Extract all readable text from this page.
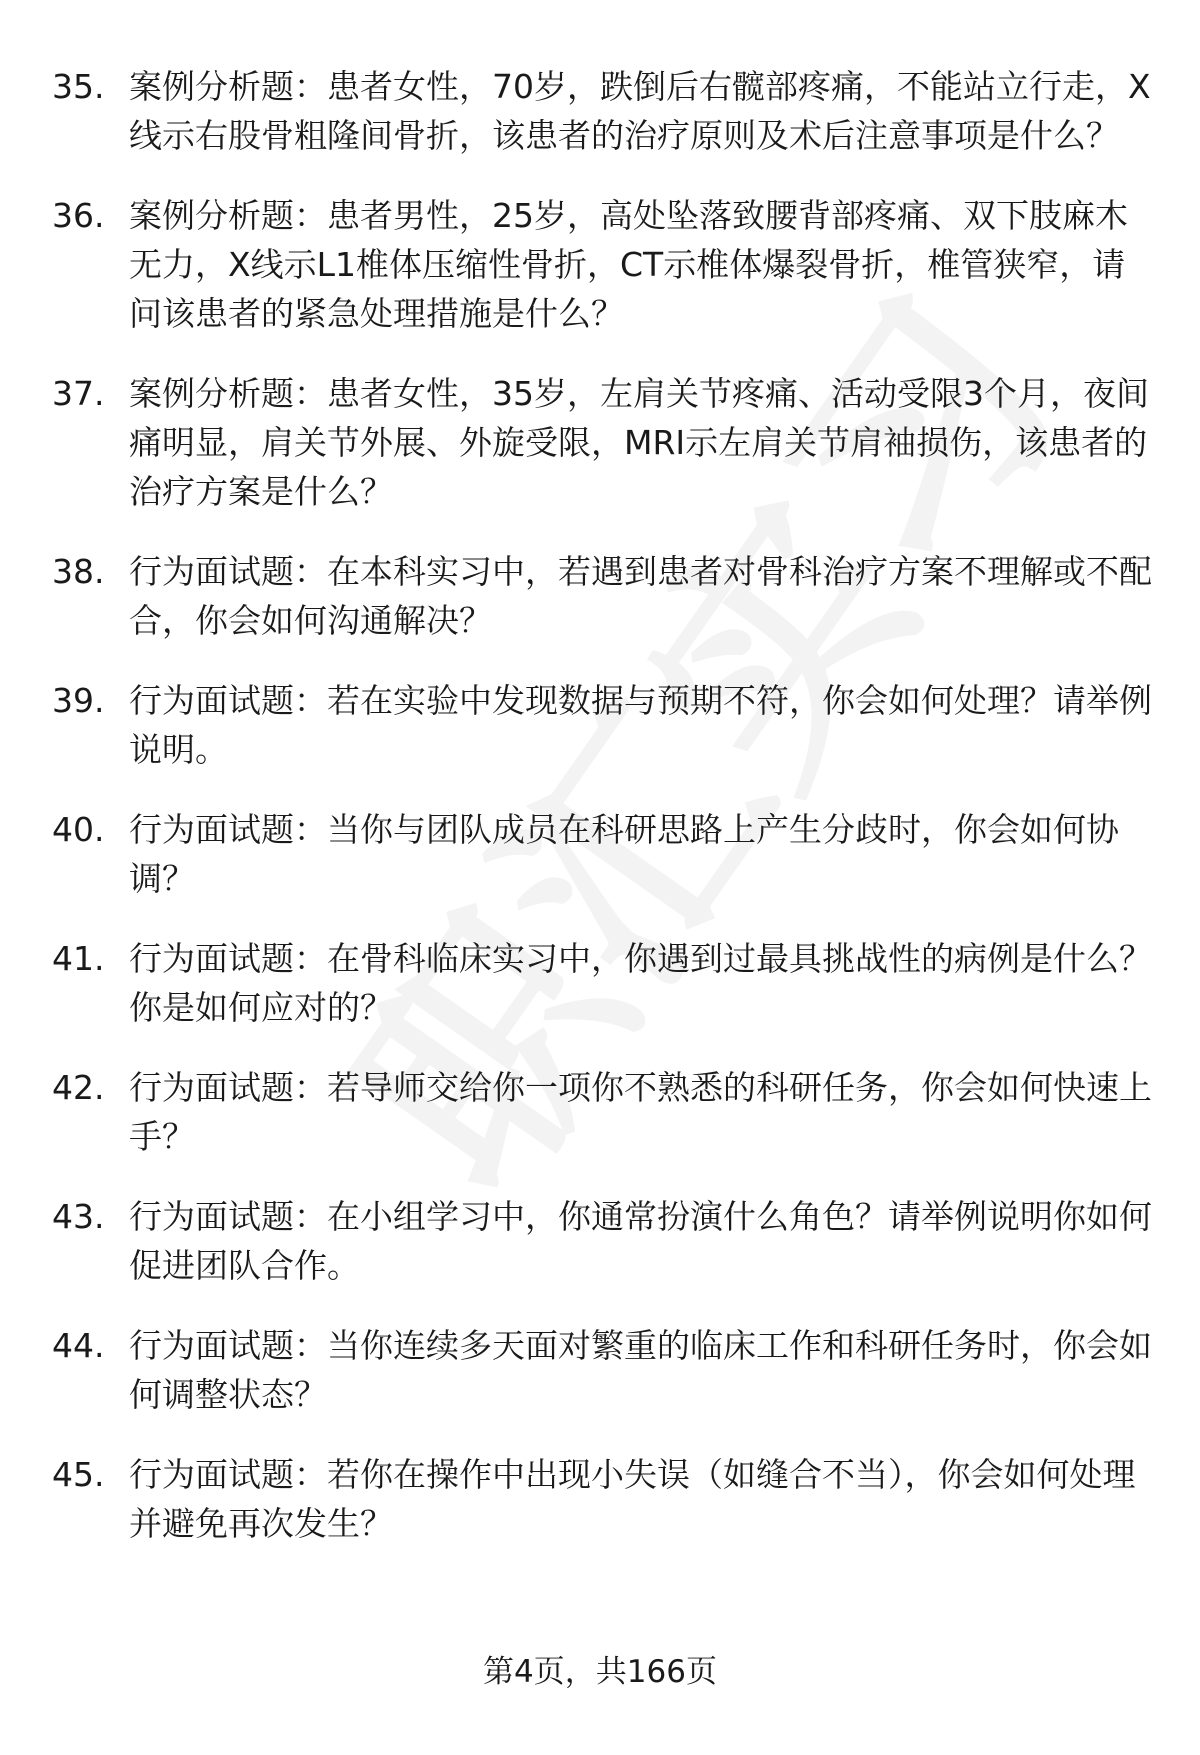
35. 案例分析题：患者女性，70岁，跌倒后右髋部疼痛，不能站立行走，X线示右股骨粗隆间骨折，该患者的治疗原则及术后注意事项是什么？
36. 案例分析题：患者男性，25岁，高处坠落致腰背部疼痛、双下肢麻木无力，X线示L1椎体压缩性骨折，CT示椎体爆裂骨折，椎管狭窄，请问该患者的紧急处理措施是什么？
37. 案例分析题：患者女性，35岁，左肩关节疼痛、活动受限3个月，夜间痛明显，肩关节外展、外旋受限，MRI示左肩关节肩袖损伤，该患者的治疗方案是什么？
38. 行为面试题：在本科实习中，若遇到患者对骨科治疗方案不理解或不配合，你会如何沟通解决？
39. 行为面试题：若在实验中发现数据与预期不符，你会如何处理？请举例说明。
40. 行为面试题：当你与团队成员在科研思路上产生分歧时，你会如何协调？
41. 行为面试题：在骨科临床实习中，你遇到过最具挑战性的病例是什么？你是如何应对的？
42. 行为面试题：若导师交给你一项你不熟悉的科研任务，你会如何快速上手？
43. 行为面试题：在小组学习中，你通常扮演什么角色？请举例说明你如何促进团队合作。
44. 行为面试题：当你连续多天面对繁重的临床工作和科研任务时，你会如何调整状态？
45. 行为面试题：若你在操作中出现小失误（如缝合不当），你会如何处理并避免再次发生？
第4页，共166页
